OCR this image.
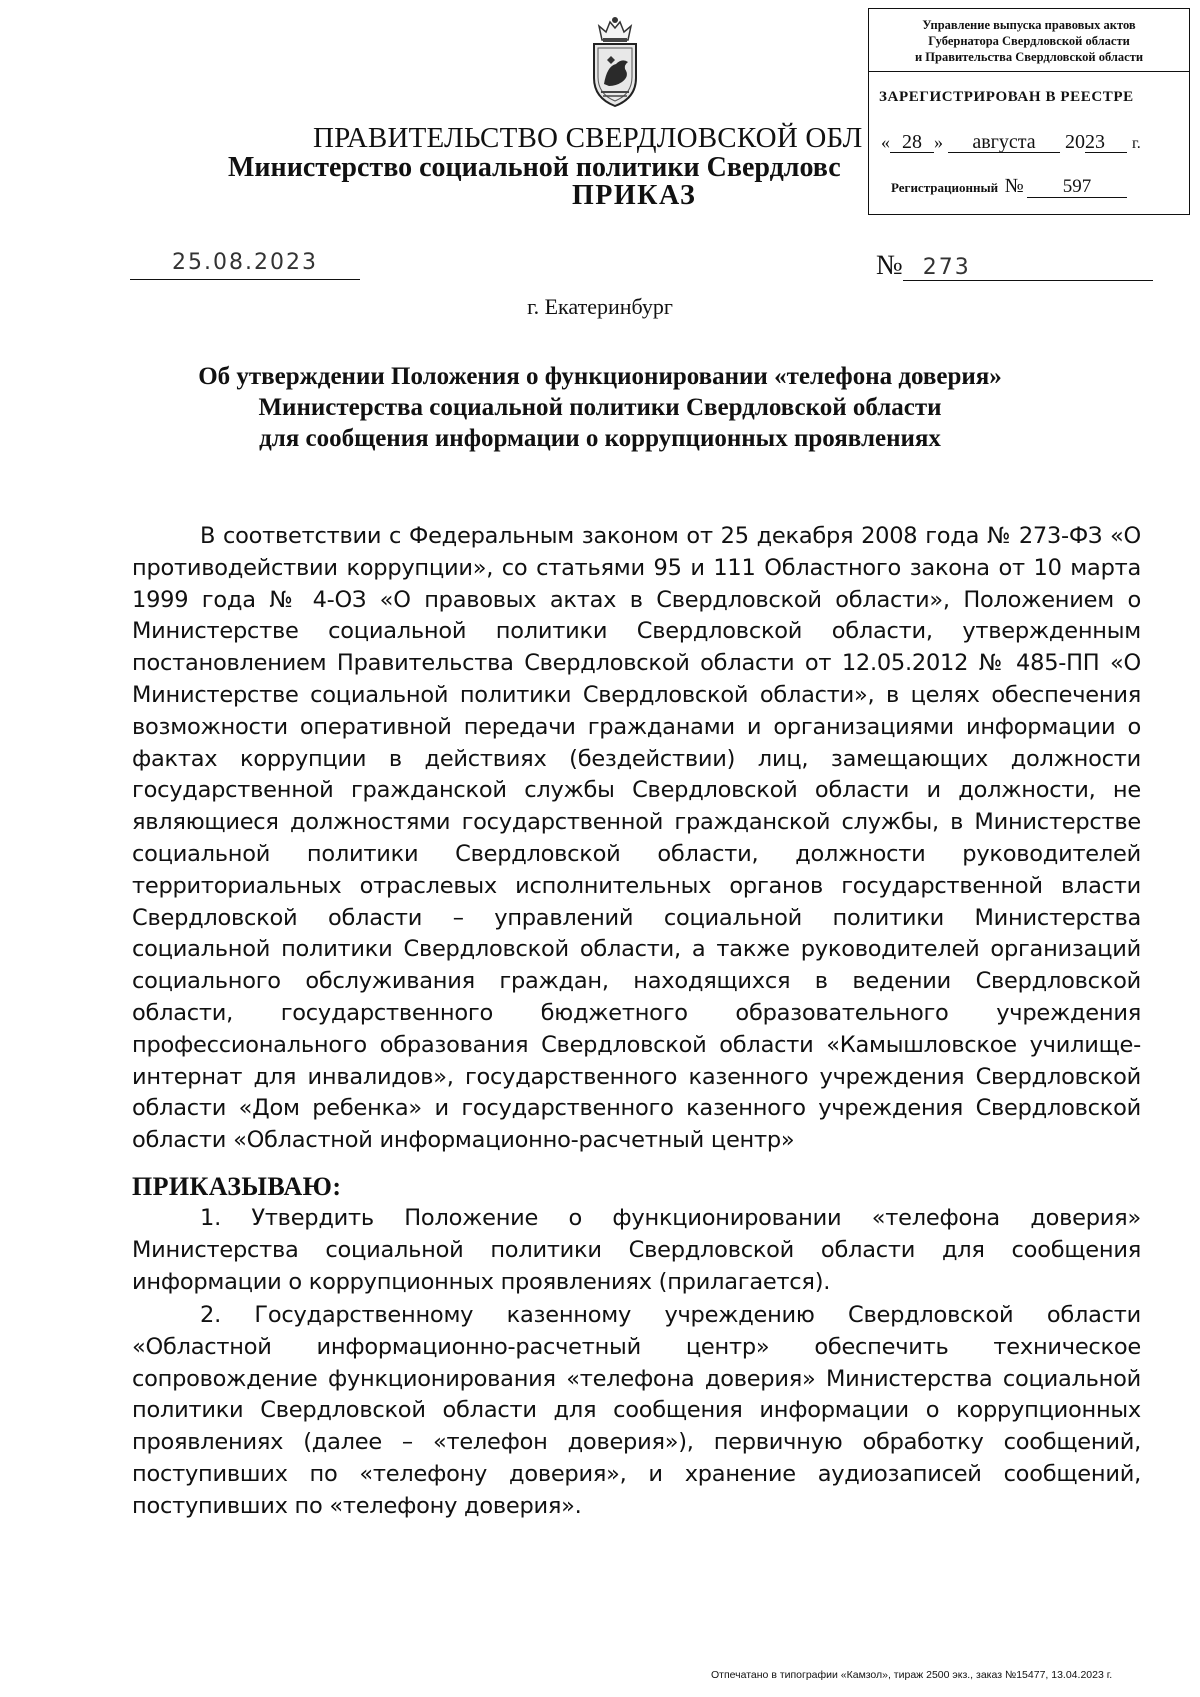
ПРАВИТЕЛЬСТВО СВЕРДЛОВСКОЙ ОБЛ
Министерство социальной политики Свердловс
ПРИКАЗ
Управление выпуска правовых актов
Губернатора Свердловской области
и Правительства Свердловской области
ЗАРЕГИСТРИРОВАН В РЕЕСТРЕ
« 28 » августа 2023 г.
Регистрационный № 597
25.08.2023	№ 273
г. Екатеринбург
Об утверждении Положения о функционировании «телефона доверия»
Министерства социальной политики Свердловской области
для сообщения информации о коррупционных проявлениях
В соответствии с Федеральным законом от 25 декабря 2008 года № 273-ФЗ «О противодействии коррупции», со статьями 95 и 111 Областного закона от 10 марта 1999 года № 4-ОЗ «О правовых актах в Свердловской области», Положением о Министерстве социальной политики Свердловской области, утвержденным постановлением Правительства Свердловской области от 12.05.2012 № 485-ПП «О Министерстве социальной политики Свердловской области», в целях обеспечения возможности оперативной передачи гражданами и организациями информации о фактах коррупции в действиях (бездействии) лиц, замещающих должности государственной гражданской службы Свердловской области и должности, не являющиеся должностями государственной гражданской службы, в Министерстве социальной политики Свердловской области, должности руководителей территориальных отраслевых исполнительных органов государственной власти Свердловской области – управлений социальной политики Министерства социальной политики Свердловской области, а также руководителей организаций социального обслуживания граждан, находящихся в ведении Свердловской области, государственного бюджетного образовательного учреждения профессионального образования Свердловской области «Камышловское училище-интернат для инвалидов», государственного казенного учреждения Свердловской области «Дом ребенка» и государственного казенного учреждения Свердловской области «Областной информационно-расчетный центр»
ПРИКАЗЫВАЮ:
1. Утвердить Положение о функционировании «телефона доверия» Министерства социальной политики Свердловской области для сообщения информации о коррупционных проявлениях (прилагается).
2. Государственному казенному учреждению Свердловской области «Областной информационно-расчетный центр» обеспечить техническое сопровождение функционирования «телефона доверия» Министерства социальной политики Свердловской области для сообщения информации о коррупционных проявлениях (далее – «телефон доверия»), первичную обработку сообщений, поступивших по «телефону доверия», и хранение аудиозаписей сообщений, поступивших по «телефону доверия».
Отпечатано в типографии «Камзол», тираж 2500 экз., заказ №15477, 13.04.2023 г.
